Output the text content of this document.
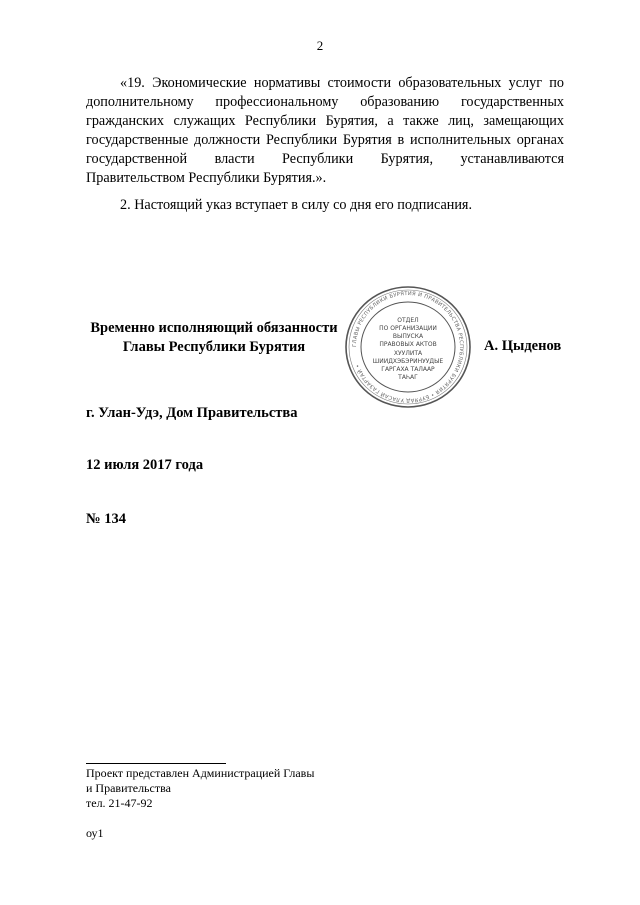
2

«19. Экономические нормативы стоимости образовательных услуг по дополнительному профессиональному образованию государственных гражданских служащих Республики Бурятия, а также лиц, замещающих государственные должности Республики Бурятия в исполнительных органах государственной власти Республики Бурятия, устанавливаются Правительством Республики Бурятия.».

2. Настоящий указ вступает в силу со дня его подписания.

Временно исполняющий обязанности
Главы Республики Бурятия	ГЛАВЫ РЕСПУБЛИКИ БУРЯТИЯ И ПРАВИТЕЛЬСТВА РЕСПУБЛИКИ БУРЯТИЯ • БУРЯАД УЛАСАЙ ГАЗАРТАЙ •
ОТДЕЛ
ПО ОРГАНИЗАЦИИ
ВЫПУСКА
ПРАВОВЫХ АКТОВ
ХУУЛИТА
ШИИДХЭБЭРИНУУДЫЕ
ГАРГАХА ТАЛААР
ТАҺАГ
А. Цыденов
г. Улан-Удэ, Дом Правительства
12 июля 2017 года
№ 134
Проект представлен Администрацией Главы
и Правительства
тел. 21-47-92
оу1
